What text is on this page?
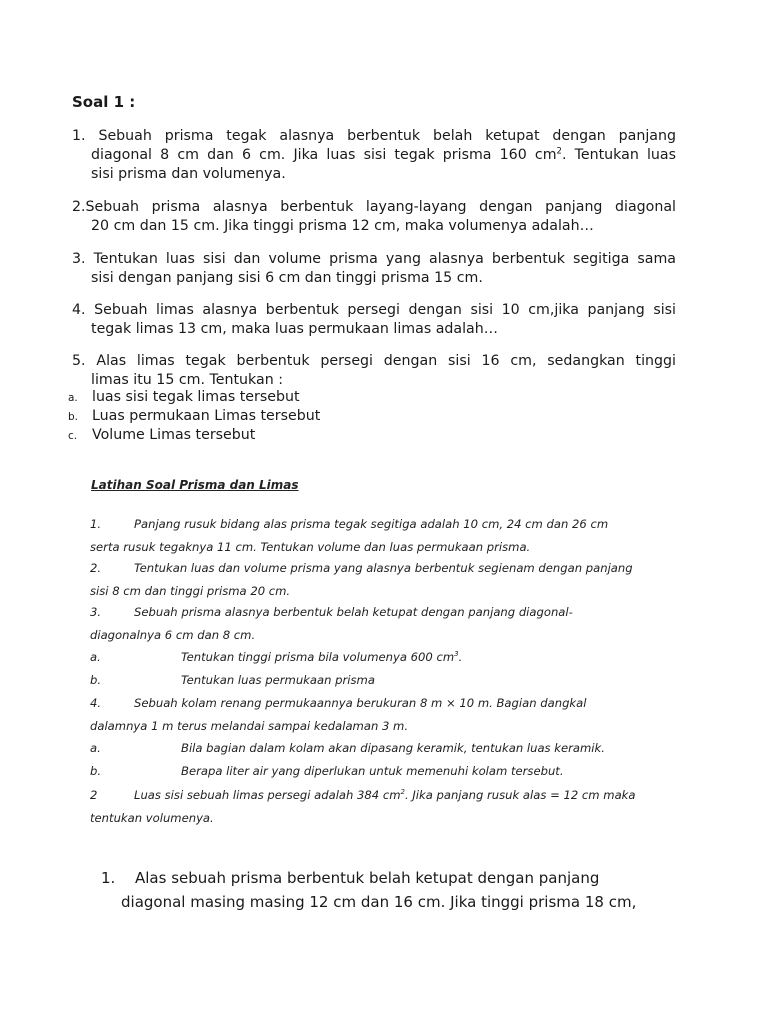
Soal 1 :
1. Sebuah prisma tegak alasnya berbentuk belah ketupat dengan panjang
diagonal 8 cm dan 6 cm. Jika luas sisi tegak prisma 160 $cm^2$. Tentukan luas
sisi prisma dan volumenya.
2.Sebuah prisma alasnya berbentuk layang-layang dengan panjang diagonal
20 cm dan 15 cm. Jika tinggi prisma 12 cm, maka volumenya adalah…
3. Tentukan luas sisi dan volume prisma yang alasnya berbentuk segitiga sama
sisi dengan panjang sisi 6 cm dan tinggi prisma 15 cm.
4. Sebuah limas alasnya berbentuk persegi dengan sisi 10 cm,jika panjang sisi
tegak limas 13 cm, maka luas permukaan limas adalah…
5. Alas limas tegak berbentuk persegi dengan sisi 16 cm, sedangkan tinggi
limas itu 15 cm. Tentukan :
a. luas sisi tegak limas tersebut
b. Luas permukaan Limas tersebut
c. Volume Limas tersebut
Latihan Soal Prisma dan Limas
1.	Panjang rusuk bidang alas prisma tegak segitiga adalah 10 cm, 24 cm dan 26 cm
serta rusuk tegaknya 11 cm. Tentukan volume dan luas permukaan prisma.
2.	Tentukan luas dan volume prisma yang alasnya berbentuk segienam dengan panjang
sisi 8 cm dan tinggi prisma 20 cm.
3.	Sebuah prisma alasnya berbentuk belah ketupat dengan panjang diagonal-
diagonalnya 6 cm dan 8 cm.
a.	Tentukan tinggi prisma bila volumenya 600 $cm^3$.
b.	Tentukan luas permukaan prisma
4.	Sebuah kolam renang permukaannya berukuran 8 m × 10 m. Bagian dangkal
dalamnya 1 m terus melandai sampai kedalaman 3 m.
a.	Bila bagian dalam kolam akan dipasang keramik, tentukan luas keramik.
b.	Berapa liter air yang diperlukan untuk memenuhi kolam tersebut.
2	Luas sisi sebuah limas persegi adalah 384 $cm^2$. Jika panjang rusuk alas = 12 cm maka
tentukan volumenya.
1. Alas sebuah prisma berbentuk belah ketupat dengan panjang
diagonal masing masing 12 cm dan 16 cm. Jika tinggi prisma 18 cm,
